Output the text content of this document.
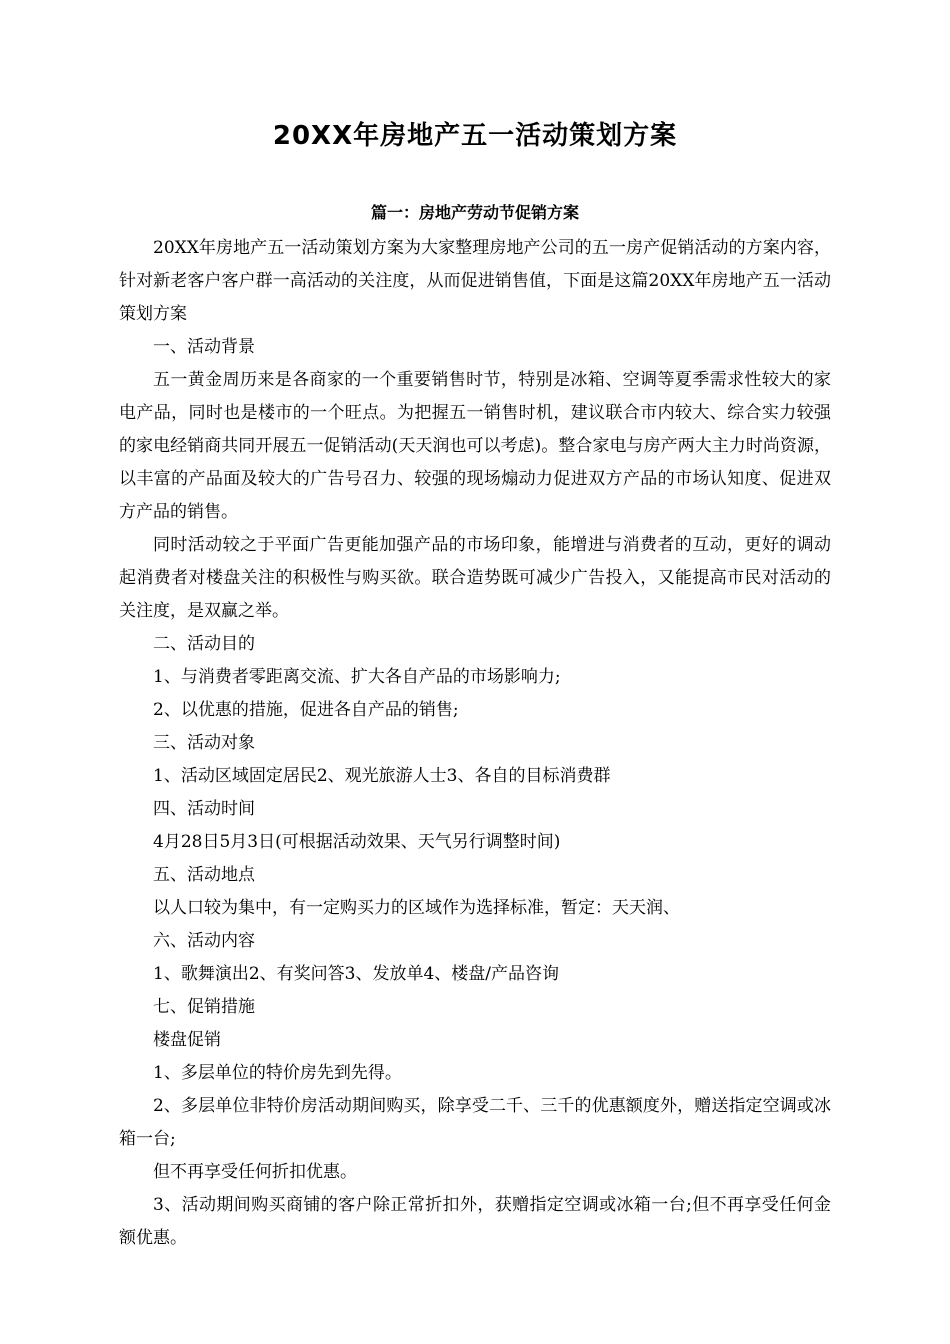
20XX年房地产五一活动策划方案
篇一：房地产劳动节促销方案

20XX年房地产五一活动策划方案为大家整理房地产公司的五一房产促销活动的方案内容，针对新老客户客户群一高活动的关注度，从而促进销售值，下面是这篇20XX年房地产五一活动策划方案

一、活动背景

五一黄金周历来是各商家的一个重要销售时节，特别是冰箱、空调等夏季需求性较大的家电产品，同时也是楼市的一个旺点。为把握五一销售时机，建议联合市内较大、综合实力较强的家电经销商共同开展五一促销活动(天天润也可以考虑)。整合家电与房产两大主力时尚资源，以丰富的产品面及较大的广告号召力、较强的现场煽动力促进双方产品的市场认知度、促进双方产品的销售。

同时活动较之于平面广告更能加强产品的市场印象，能增进与消费者的互动，更好的调动起消费者对楼盘关注的积极性与购买欲。联合造势既可减少广告投入，又能提高市民对活动的关注度，是双赢之举。

二、活动目的

1、与消费者零距离交流、扩大各自产品的市场影响力;

2、以优惠的措施，促进各自产品的销售;

三、活动对象

1、活动区域固定居民2、观光旅游人士3、各自的目标消费群

四、活动时间

4月28日5月3日(可根据活动效果、天气另行调整时间)

五、活动地点

以人口较为集中，有一定购买力的区域作为选择标准，暂定：天天润、

六、活动内容

1、歌舞演出2、有奖问答3、发放单4、楼盘/产品咨询

七、促销措施

楼盘促销

1、多层单位的特价房先到先得。

2、多层单位非特价房活动期间购买，除享受二千、三千的优惠额度外，赠送指定空调或冰箱一台;

但不再享受任何折扣优惠。

3、活动期间购买商铺的客户除正常折扣外，获赠指定空调或冰箱一台;但不再享受任何金额优惠。
